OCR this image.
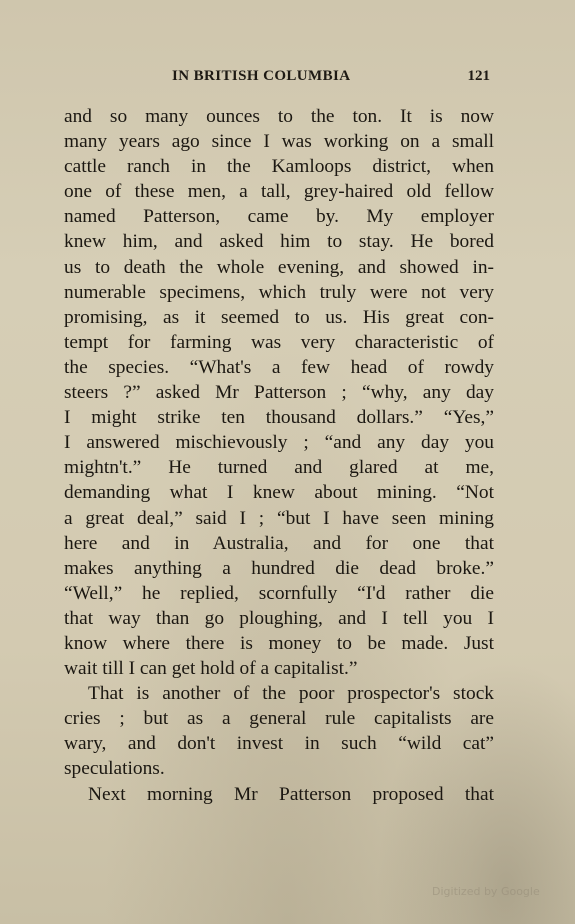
IN BRITISH COLUMBIA	121
and so many ounces to the ton. It is now
many years ago since I was working on a small
cattle ranch in the Kamloops district, when
one of these men, a tall, grey-haired old fellow
named Patterson, came by. My employer
knew him, and asked him to stay. He bored
us to death the whole evening, and showed in-
numerable specimens, which truly were not very
promising, as it seemed to us. His great con-
tempt for farming was very characteristic of
the species. “What's a few head of rowdy
steers ?” asked Mr Patterson ; “why, any day
I might strike ten thousand dollars.” “Yes,”
I answered mischievously ; “and any day you
mightn't.” He turned and glared at me,
demanding what I knew about mining. “Not
a great deal,” said I ; “but I have seen mining
here and in Australia, and for one that
makes anything a hundred die dead broke.”
“Well,” he replied, scornfully “I'd rather die
that way than go ploughing, and I tell you I
know where there is money to be made. Just
wait till I can get hold of a capitalist.”
That is another of the poor prospector's stock
cries ; but as a general rule capitalists are
wary, and don't invest in such “wild cat”
speculations.
Next morning Mr Patterson proposed that
Digitized by Google
